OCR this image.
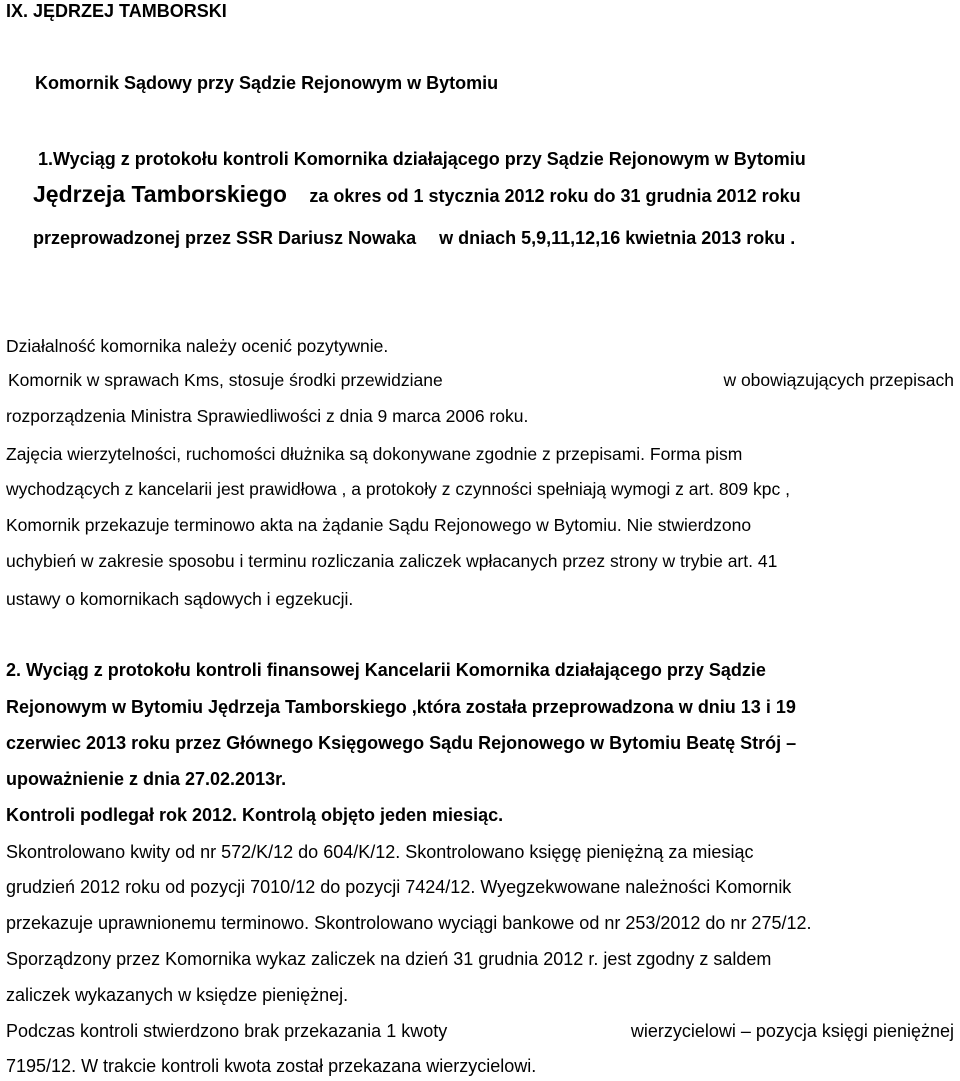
IX. JĘDRZEJ TAMBORSKI
Komornik Sądowy przy Sądzie Rejonowym w Bytomiu
1.Wyciąg z protokołu kontroli Komornika działającego przy Sądzie Rejonowym w Bytomiu
Jędrzeja Tamborskiego za okres od 1 stycznia 2012 roku do 31 grudnia 2012 roku
przeprowadzonej przez SSR Dariusz Nowaka w dniach 5,9,11,12,16 kwietnia 2013 roku .
Działalność komornika należy ocenić pozytywnie.
Komornik w sprawach Kms, stosuje środki przewidziane	w obowiązujących przepisach
rozporządzenia Ministra Sprawiedliwości z dnia 9 marca 2006 roku.
Zajęcia wierzytelności, ruchomości dłużnika są dokonywane zgodnie z przepisami. Forma pism
wychodzących z kancelarii jest prawidłowa , a protokoły z czynności spełniają wymogi z art. 809 kpc ,
Komornik przekazuje terminowo akta na żądanie Sądu Rejonowego w Bytomiu. Nie stwierdzono
uchybień w zakresie sposobu i terminu rozliczania zaliczek wpłacanych przez strony w trybie art. 41
ustawy o komornikach sądowych i egzekucji.
2. Wyciąg z protokołu kontroli finansowej Kancelarii Komornika działającego przy Sądzie
Rejonowym w Bytomiu Jędrzeja Tamborskiego ,która została przeprowadzona w dniu 13 i 19
czerwiec 2013 roku przez Głównego Księgowego Sądu Rejonowego w Bytomiu Beatę Strój –
upoważnienie z dnia 27.02.2013r.
Kontroli podlegał rok 2012. Kontrolą objęto jeden miesiąc.
Skontrolowano kwity od nr 572/K/12 do 604/K/12. Skontrolowano księgę pieniężną za miesiąc
grudzień 2012 roku od pozycji 7010/12 do pozycji 7424/12. Wyegzekwowane należności Komornik
przekazuje uprawnionemu terminowo. Skontrolowano wyciągi bankowe od nr 253/2012 do nr 275/12.
Sporządzony przez Komornika wykaz zaliczek na dzień 31 grudnia 2012 r. jest zgodny z saldem
zaliczek wykazanych w księdze pieniężnej.
Podczas kontroli stwierdzono brak przekazania 1 kwoty	wierzycielowi – pozycja księgi pieniężnej
7195/12. W trakcie kontroli kwota został przekazana wierzycielowi.
